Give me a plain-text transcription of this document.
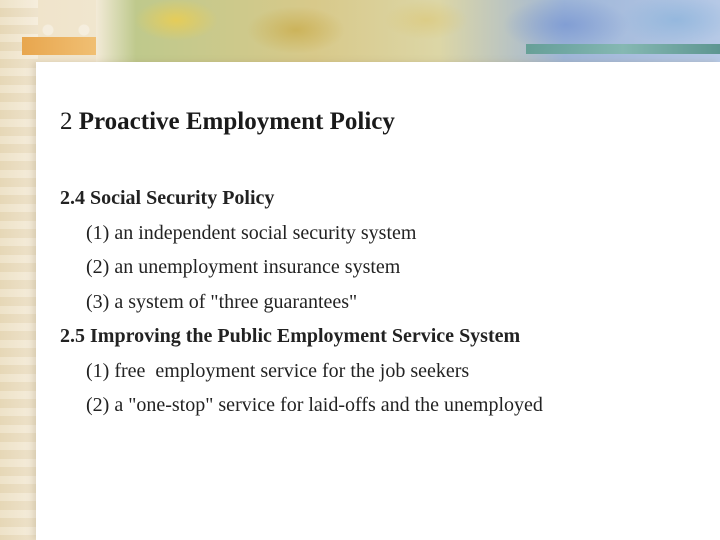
2 Proactive Employment Policy

2.4 Social Security Policy

(1) an independent social security system

(2) an unemployment insurance system

(3) a system of "three guarantees"

2.5 Improving the Public Employment Service System

(1) free  employment service for the job seekers

(2) a "one-stop" service for laid-offs and the unemployed
